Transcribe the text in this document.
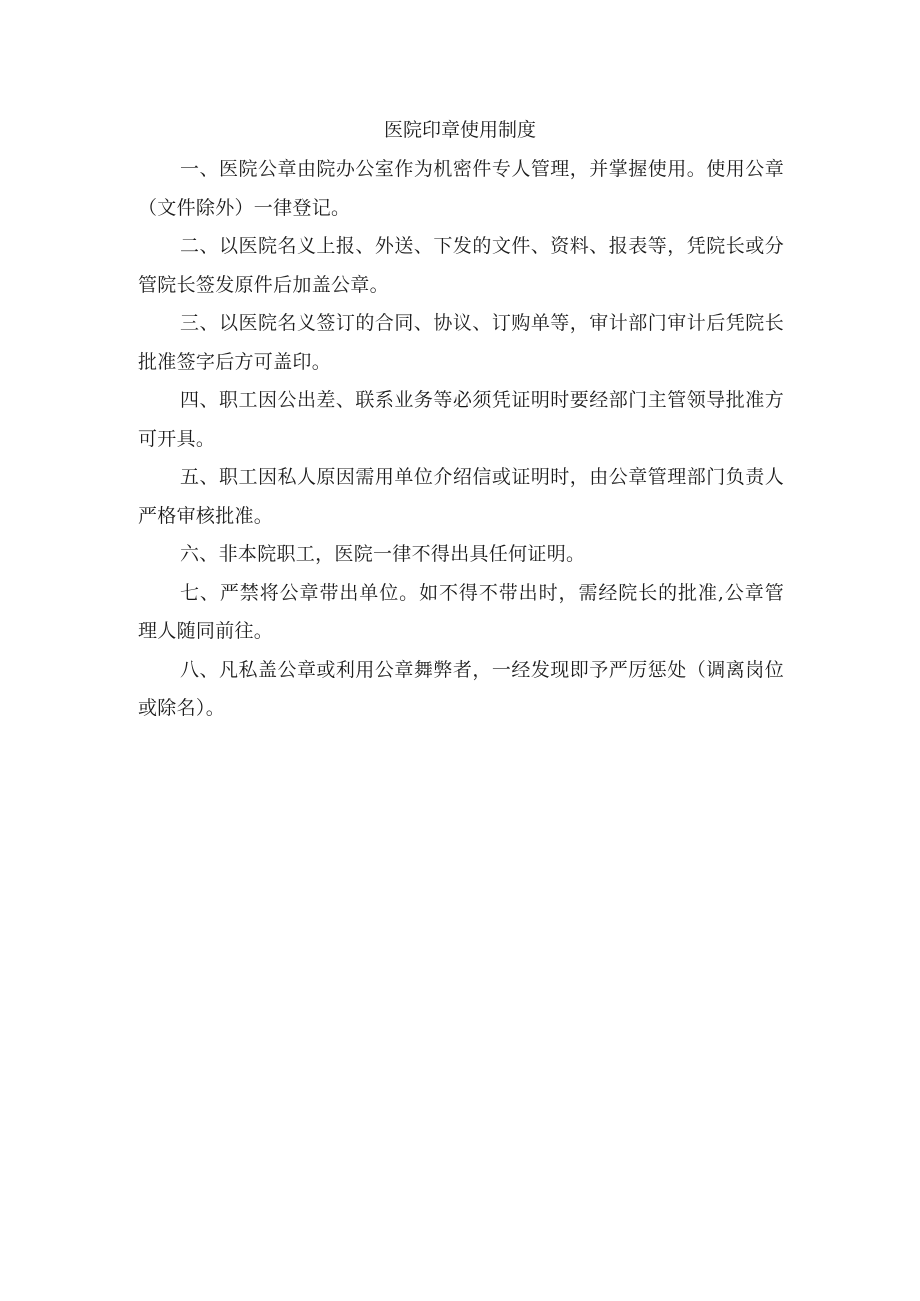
医院印章使用制度

一、医院公章由院办公室作为机密件专人管理，并掌握使用。使用公章（文件除外）一律登记。

二、以医院名义上报、外送、下发的文件、资料、报表等，凭院长或分管院长签发原件后加盖公章。

三、以医院名义签订的合同、协议、订购单等，审计部门审计后凭院长批准签字后方可盖印。

四、职工因公出差、联系业务等必须凭证明时要经部门主管领导批准方可开具。

五、职工因私人原因需用单位介绍信或证明时，由公章管理部门负责人严格审核批准。

六、非本院职工，医院一律不得出具任何证明。

七、严禁将公章带出单位。如不得不带出时，需经院长的批准,公章管理人随同前往。

八、凡私盖公章或利用公章舞弊者，一经发现即予严厉惩处（调离岗位或除名）。
